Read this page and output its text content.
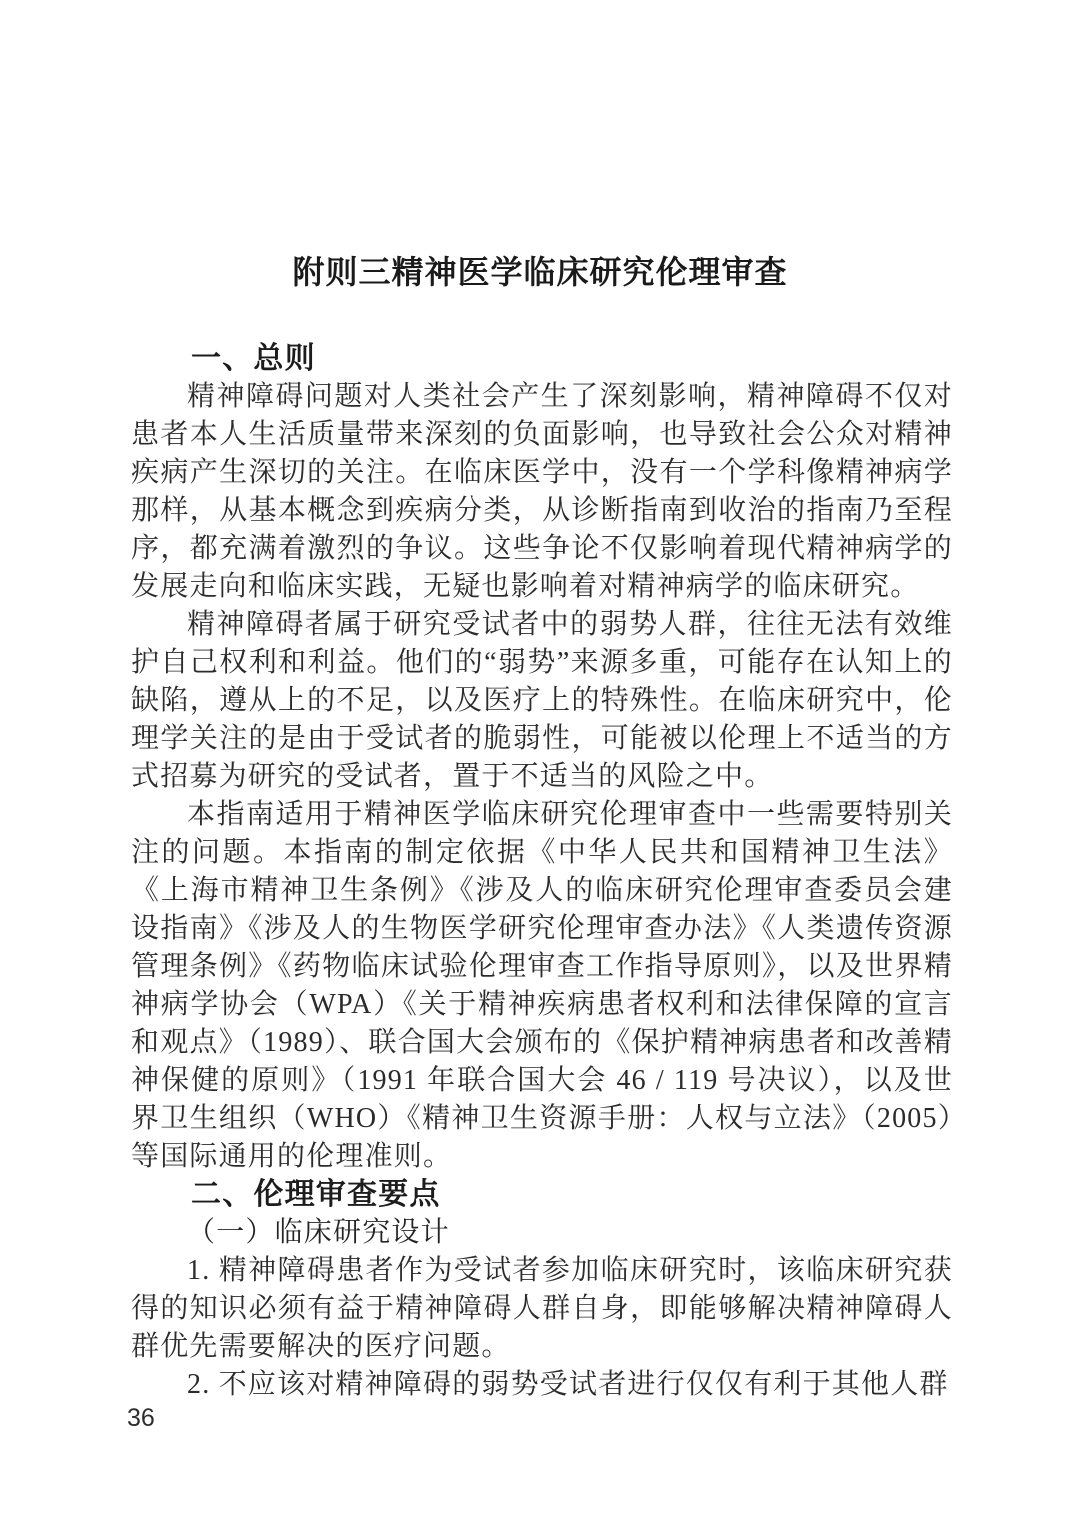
附则三精神医学临床研究伦理审查
一、总则

精神障碍问题对人类社会产生了深刻影响，精神障碍不仅对患者本人生活质量带来深刻的负面影响，也导致社会公众对精神疾病产生深切的关注。在临床医学中，没有一个学科像精神病学那样，从基本概念到疾病分类，从诊断指南到收治的指南乃至程序，都充满着激烈的争议。这些争论不仅影响着现代精神病学的发展走向和临床实践，无疑也影响着对精神病学的临床研究。

精神障碍者属于研究受试者中的弱势人群，往往无法有效维护自己权利和利益。他们的“弱势”来源多重，可能存在认知上的缺陷，遵从上的不足，以及医疗上的特殊性。在临床研究中，伦理学关注的是由于受试者的脆弱性，可能被以伦理上不适当的方式招募为研究的受试者，置于不适当的风险之中。

本指南适用于精神医学临床研究伦理审查中一些需要特别关注的问题。本指南的制定依据《中华人民共和国精神卫生法》《上海市精神卫生条例》《涉及人的临床研究伦理审查委员会建设指南》《涉及人的生物医学研究伦理审查办法》《人类遗传资源管理条例》《药物临床试验伦理审查工作指导原则》，以及世界精神病学协会（WPA）《关于精神疾病患者权利和法律保障的宣言和观点》（1989）、联合国大会颁布的《保护精神病患者和改善精神保健的原则》（1991 年联合国大会 46 / 119 号决议），以及世界卫生组织（WHO）《精神卫生资源手册：人权与立法》（2005）等国际通用的伦理准则。

二、伦理审查要点

（一）临床研究设计

1. 精神障碍患者作为受试者参加临床研究时，该临床研究获得的知识必须有益于精神障碍人群自身，即能够解决精神障碍人群优先需要解决的医疗问题。

2. 不应该对精神障碍的弱势受试者进行仅仅有利于其他人群

36
